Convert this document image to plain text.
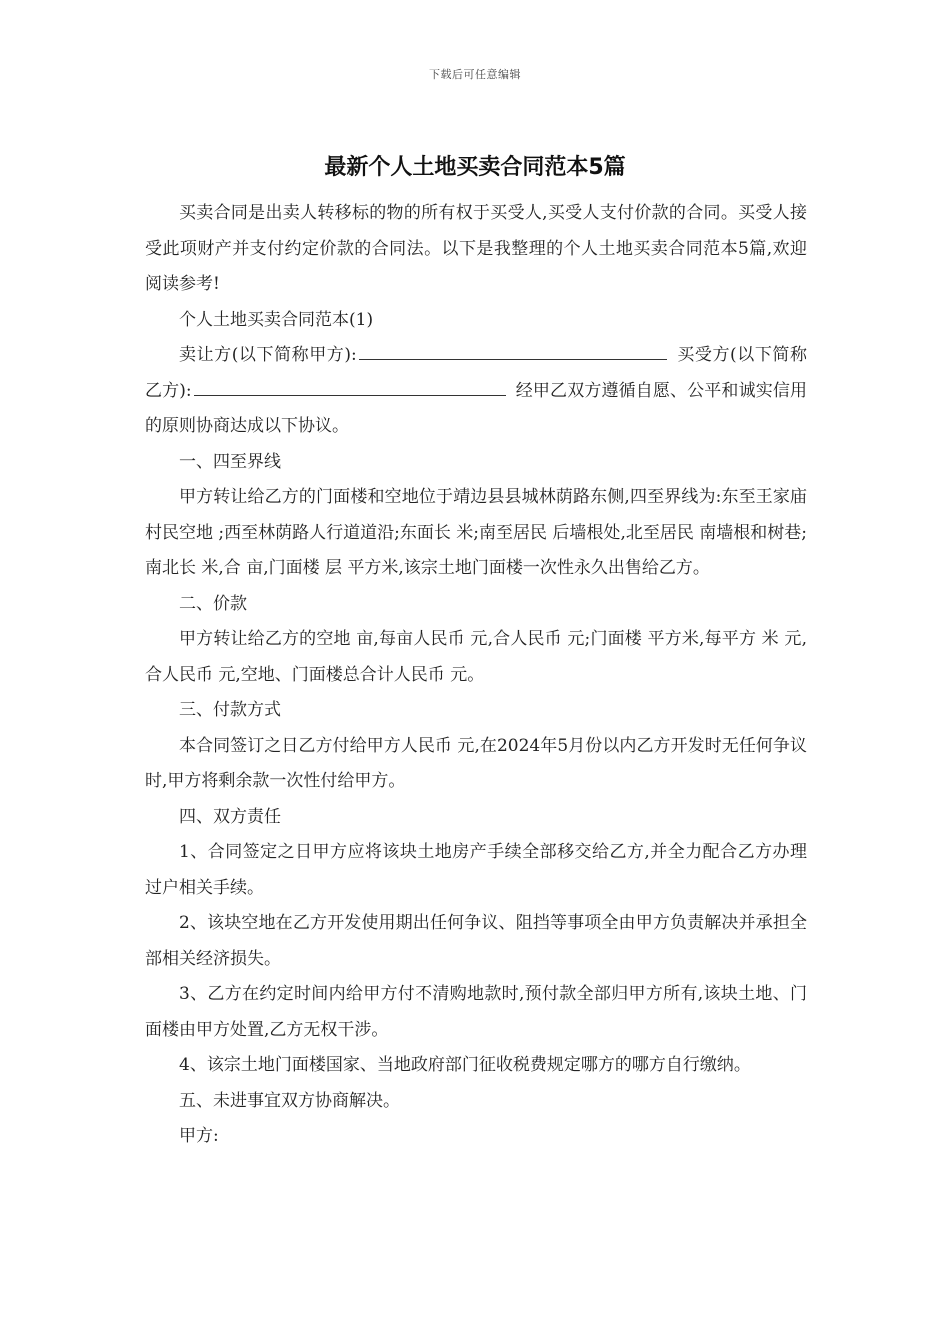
下载后可任意编辑
最新个人土地买卖合同范本5篇

买卖合同是出卖人转移标的物的所有权于买受人,买受人支付价款的合同。买受人接受此项财产并支付约定价款的合同法。以下是我整理的个人土地买卖合同范本5篇,欢迎阅读参考!

个人土地买卖合同范本(1)

卖让方(以下简称甲方):	买受方(以下简称乙方):	经甲乙双方遵循自愿、公平和诚实信用的原则协商达成以下协议。

一、四至界线

甲方转让给乙方的门面楼和空地位于靖边县县城林荫路东侧,四至界线为:东至王家庙村民空地 ;西至林荫路人行道道沿;东面长 米;南至居民 后墙根处,北至居民 南墙根和树巷;南北长 米,合 亩,门面楼 层 平方米,该宗土地门面楼一次性永久出售给乙方。

二、价款

甲方转让给乙方的空地 亩,每亩人民币 元,合人民币 元;门面楼 平方米,每平方 米 元,合人民币 元,空地、门面楼总合计人民币 元。

三、付款方式

本合同签订之日乙方付给甲方人民币 元,在2024年5月份以内乙方开发时无任何争议时,甲方将剩余款一次性付给甲方。

四、双方责任

1、合同签定之日甲方应将该块土地房产手续全部移交给乙方,并全力配合乙方办理过户相关手续。

2、该块空地在乙方开发使用期出任何争议、阻挡等事项全由甲方负责解决并承担全部相关经济损失。

3、乙方在约定时间内给甲方付不清购地款时,预付款全部归甲方所有,该块土地、门面楼由甲方处置,乙方无权干涉。

4、该宗土地门面楼国家、当地政府部门征收税费规定哪方的哪方自行缴纳。

五、未进事宜双方协商解决。

甲方:
